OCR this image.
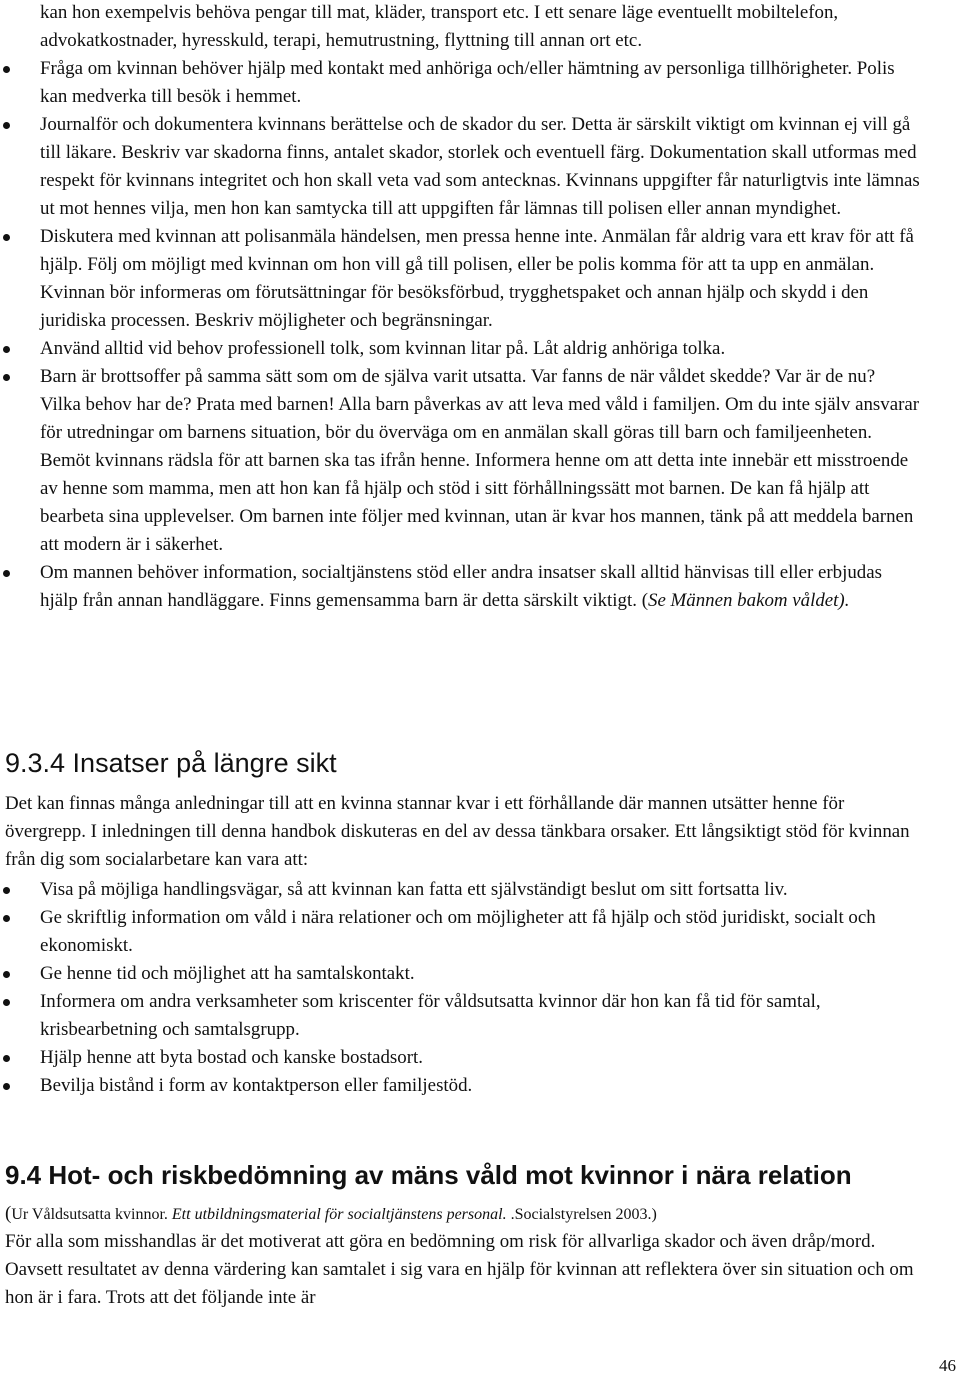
kan hon exempelvis behöva pengar till mat, kläder, transport etc. I ett senare läge eventuellt mobiltelefon, advokatkostnader, hyresskuld, terapi, hemutrustning, flyttning till annan ort etc.
Fråga om kvinnan behöver hjälp med kontakt med anhöriga och/eller hämtning av personliga tillhörigheter. Polis kan medverka till besök i hemmet.
Journalför och dokumentera kvinnans berättelse och de skador du ser. Detta är särskilt viktigt om kvinnan ej vill gå till läkare. Beskriv var skadorna finns, antalet skador, storlek och eventuell färg. Dokumentation skall utformas med respekt för kvinnans integritet och hon skall veta vad som antecknas. Kvinnans uppgifter får naturligtvis inte lämnas ut mot hennes vilja, men hon kan samtycka till att uppgiften får lämnas till polisen eller annan myndighet.
Diskutera med kvinnan att polisanmäla händelsen, men pressa henne inte. Anmälan får aldrig vara ett krav för att få hjälp. Följ om möjligt med kvinnan om hon vill gå till polisen, eller be polis komma för att ta upp en anmälan. Kvinnan bör informeras om förutsättningar för besöksförbud, trygghetspaket och annan hjälp och skydd i den juridiska processen. Beskriv möjligheter och begränsningar.
Använd alltid vid behov professionell tolk, som kvinnan litar på. Låt aldrig anhöriga tolka.
Barn är brottsoffer på samma sätt som om de själva varit utsatta. Var fanns de när våldet skedde? Var är de nu? Vilka behov har de? Prata med barnen! Alla barn påverkas av att leva med våld i familjen. Om du inte själv ansvarar för utredningar om barnens situation, bör du överväga om en anmälan skall göras till barn och familjeenheten. Bemöt kvinnans rädsla för att barnen ska tas ifrån henne. Informera henne om att detta inte innebär ett misstroende av henne som mamma, men att hon kan få hjälp och stöd i sitt förhållningssätt mot barnen. De kan få hjälp att bearbeta sina upplevelser. Om barnen inte följer med kvinnan, utan är kvar hos mannen, tänk på att meddela barnen att modern är i säkerhet.
Om mannen behöver information, socialtjänstens stöd eller andra insatser skall alltid hänvisas till eller erbjudas hjälp från annan handläggare. Finns gemensamma barn är detta särskilt viktigt. (Se Männen bakom våldet).
9.3.4 Insatser på längre sikt

Det kan finnas många anledningar till att en kvinna stannar kvar i ett förhållande där mannen utsätter henne för övergrepp. I inledningen till denna handbok diskuteras en del av dessa tänkbara orsaker. Ett långsiktigt stöd för kvinnan från dig som socialarbetare kan vara att:

Visa på möjliga handlingsvägar, så att kvinnan kan fatta ett självständigt beslut om sitt fortsatta liv.
Ge skriftlig information om våld i nära relationer och om möjligheter att få hjälp och stöd juridiskt, socialt och ekonomiskt.
Ge henne tid och möjlighet att ha samtalskontakt.
Informera om andra verksamheter som kriscenter för våldsutsatta kvinnor där hon kan få tid för samtal, krisbearbetning och samtalsgrupp.
Hjälp henne att byta bostad och kanske bostadsort.
Bevilja bistånd i form av kontaktperson eller familjestöd.
9.4 Hot- och riskbedömning av mäns våld mot kvinnor i nära relation

(Ur Våldsutsatta kvinnor. Ett utbildningsmaterial för socialtjänstens personal. .Socialstyrelsen 2003.)

För alla som misshandlas är det motiverat att göra en bedömning om risk för allvarliga skador och även dråp/mord. Oavsett resultatet av denna värdering kan samtalet i sig vara en hjälp för kvinnan att reflektera över sin situation och om hon är i fara. Trots att det följande inte är

46
